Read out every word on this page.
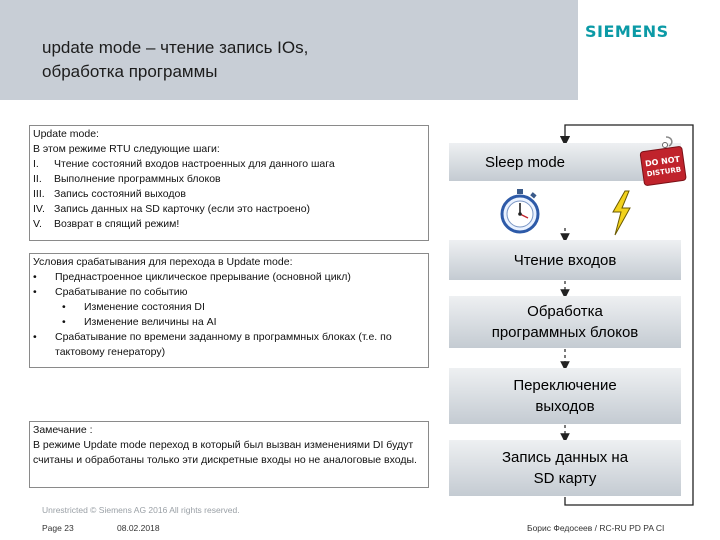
SIEMENS
update mode – чтение запись IOs,
обработка программы
Update mode:
В этом режиме RTU следующие шаги:
I.	Чтение состояний входов настроенных для данного шага
II.	Выполнение программных блоков
III. Запись состояний выходов
IV. Запись данных на SD карточку (если это настроено)
V.	Возврат в спящий режим!
Условия срабатывания для перехода в Update mode:
•	Преднастроенное циклическое прерывание (основной цикл)
•	Срабатывание по событию
•	Изменение состояния DI
•	Изменение величины на AI
•	Срабатывание по времени заданному в программных блоках (т.е. по тактовому генератору)
Замечание :
В режиме Update mode переход в который был вызван изменениями DI будут считаны и обработаны только эти дискретные входы но не аналоговые входы.
Sleep mode
Чтение входов
Обработка
программных блоков
Переключение
выходов
Запись данных на
SD карту
DO NOT
DISTURB
Unrestricted © Siemens AG 2016 All rights reserved.
Page 23	08.02.2018	Борис Федосеев / RC-RU PD PA CI
